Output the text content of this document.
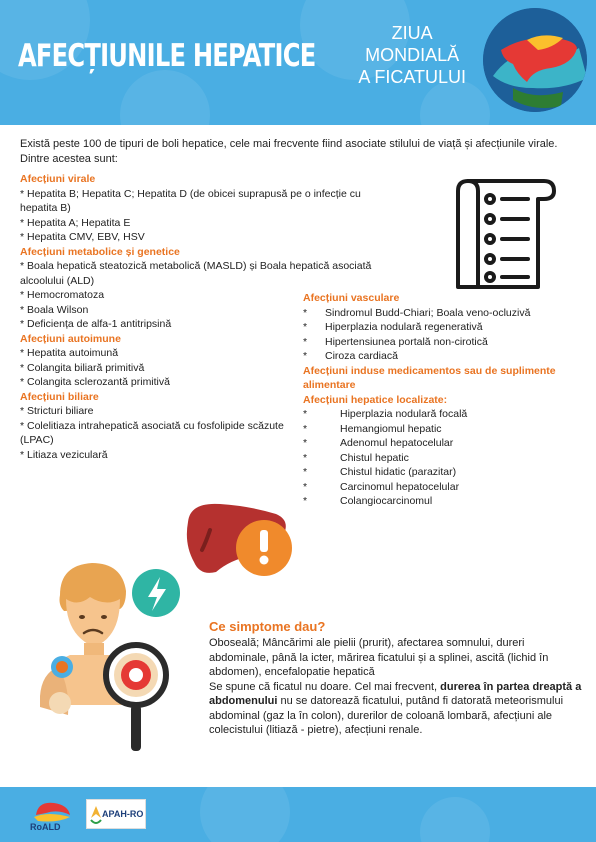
AFECȚIUNILE HEPATICE
ZIUA
MONDIALĂ
A FICATULUI
Există peste 100 de tipuri de boli hepatice, cele mai frecvente fiind asociate stilului de viață și afecțiunile virale.
Dintre acestea sunt:
Afecțiuni virale
* Hepatita B; Hepatita C; Hepatita D (de obicei suprapusă pe o infecție cu hepatita B)
* Hepatita A; Hepatita E
* Hepatita CMV, EBV, HSV
Afecțiuni metabolice și genetice
* Boala hepatică steatozică metabolică (MASLD) și Boala hepatică asociată alcoolului (ALD)
* Hemocromatoza
* Boala Wilson
* Deficiența de alfa-1 antitripsină
Afecțiuni autoimune
* Hepatita autoimună
* Colangita biliară primitivă
* Colangita sclerozantă primitivă
Afecțiuni biliare
* Stricturi biliare
* Colelitiaza intrahepatică asociată cu fosfolipide scăzute (LPAC)
* Litiaza veziculară
Afecțiuni vasculare
*	Sindromul Budd-Chiari; Boala veno-ocluzivă
*	Hiperplazia nodulară regenerativă
*	Hipertensiunea portală non-cirotică
*	Ciroza cardiacă
Afecțiuni induse medicamentos sau de suplimente alimentare
Afecțiuni hepatice localizate:
*	Hiperplazia nodulară focală
*	Hemangiomul hepatic
*	Adenomul hepatocelular
*	Chistul hepatic
*	Chistul hidatic (parazitar)
*	Carcinomul hepatocelular
*	Colangiocarcinomul
Ce simptome dau?
Oboseală; Mâncărimi ale pielii (prurit), afectarea somnului, dureri abdominale, până la icter, mărirea ficatului și a splinei, ascită (lichid în abdomen), encefalopatie hepatică
Se spune că ficatul nu doare. Cel mai frecvent, durerea în partea dreaptă a abdomenului nu se datorează ficatului, putând fi datorată meteorismului abdominal (gaz la în colon), durerilor de coloană lombară, afecțiuni ale colecistului (litiază - pietre), afecțiuni renale.
RoALD
APAH-RO
